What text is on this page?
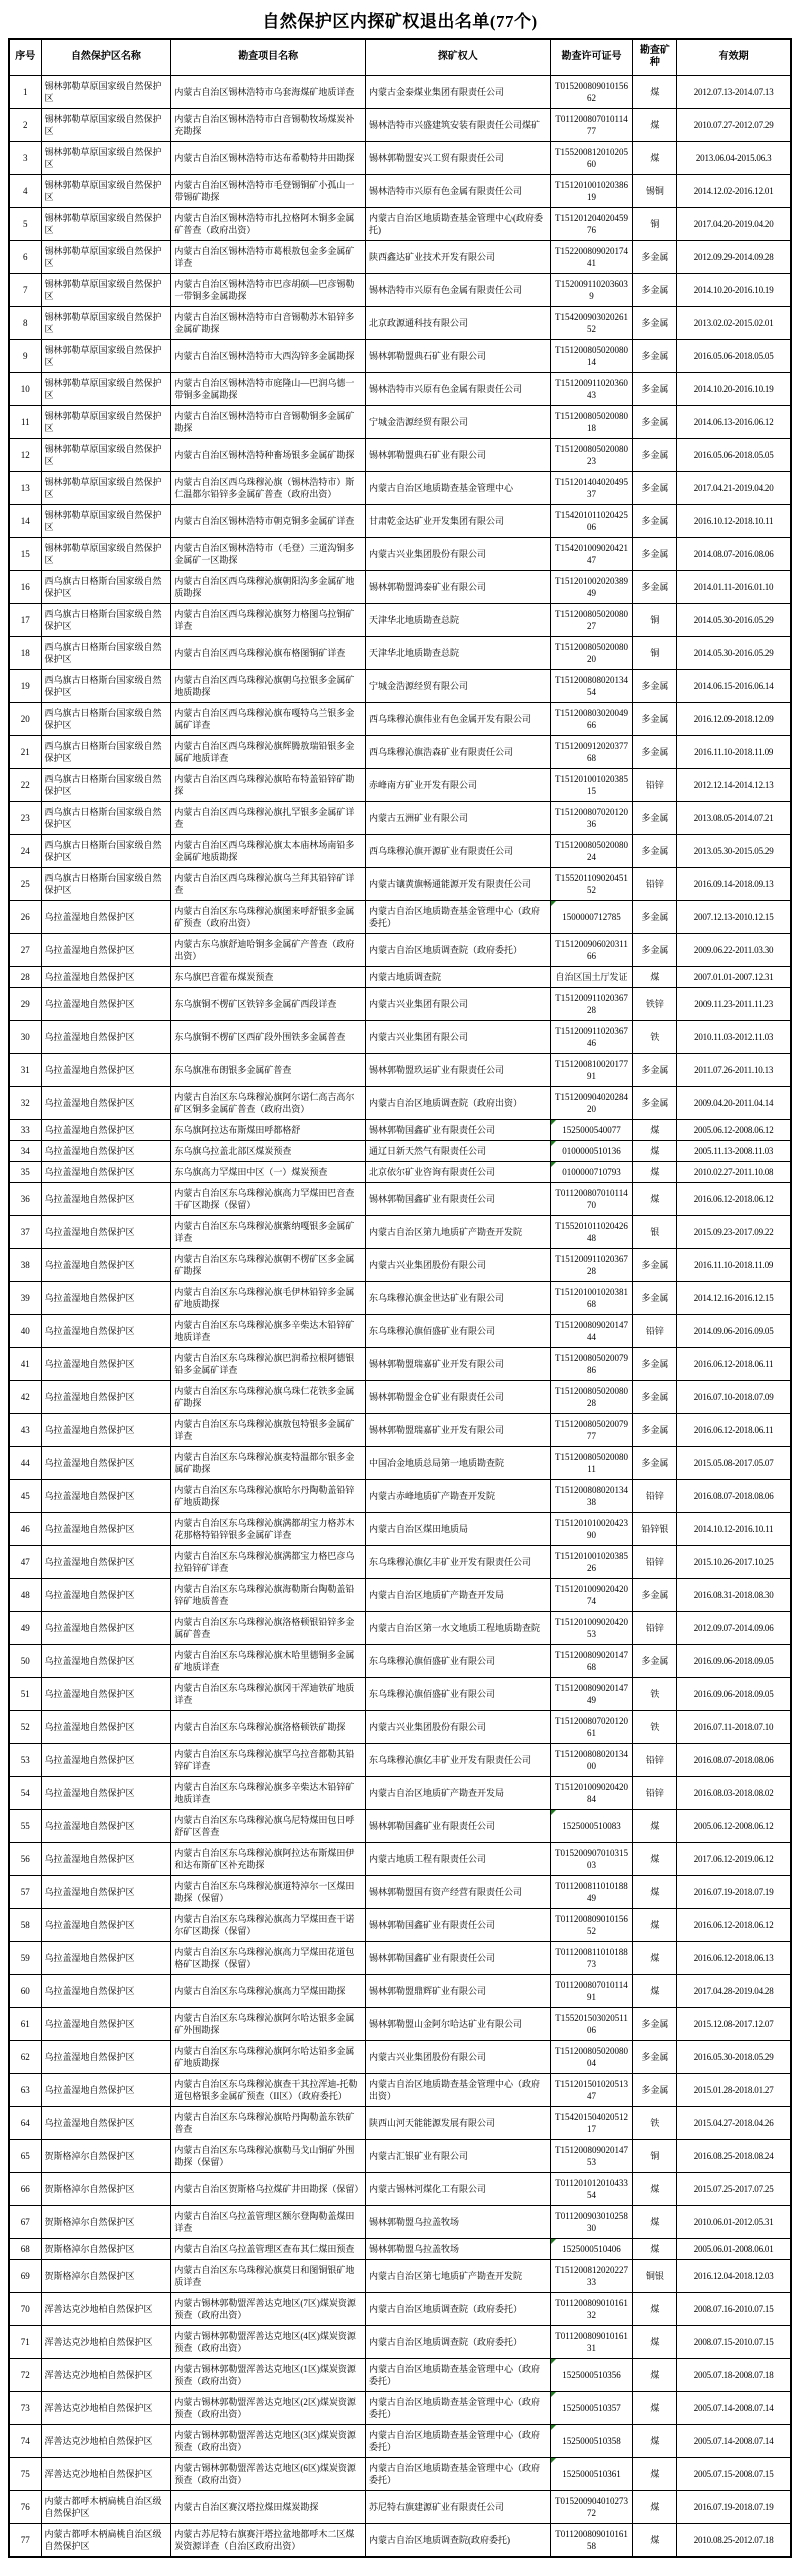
自然保护区内探矿权退出名单(77个)
序号	自然保护区名称	勘查项目名称	探矿权人	勘查许可证号	勘查矿种	有效期
1	锡林郭勒草原国家级自然保护区	内蒙古自治区锡林浩特市乌套海煤矿地质详查	内蒙古金泰煤业集团有限责任公司	T01520080901015662	煤	2012.07.13-2014.07.13
2	锡林郭勒草原国家级自然保护区	内蒙古自治区锡林浩特市白音锡勒牧场煤炭补充勘探	锡林浩特市兴盛建筑安装有限责任公司煤矿	T01120080701011477	煤	2010.07.27-2012.07.29
3	锡林郭勒草原国家级自然保护区	内蒙古自治区锡林浩特市达布希勒特井田勘探	锡林郭勒盟安兴工贸有限责任公司	T15520081201020560	煤	2013.06.04-2015.06.3
4	锡林郭勒草原国家级自然保护区	内蒙古自治区锡林浩特市毛登锡铜矿小孤山一带锡矿勘探	锡林浩特市兴原有色金属有限责任公司	T15120100102038619	锡铜	2014.12.02-2016.12.01
5	锡林郭勒草原国家级自然保护区	内蒙古自治区锡林浩特市扎拉格阿木铜多金属矿普查（政府出资）	内蒙古自治区地质勘查基金管理中心(政府委托)	T15120120402045976	铜	2017.04.20-2019.04.20
6	锡林郭勒草原国家级自然保护区	内蒙古自治区锡林浩特市葛根敖包金多金属矿详查	陕西鑫达矿业技术开发有限公司	T15220080902017441	多金属	2012.09.29-2014.09.28
7	锡林郭勒草原国家级自然保护区	内蒙古自治区锡林浩特市巴彦胡硕—巴彦锡勒一带铜多金属勘探	锡林浩特市兴原有色金属有限责任公司	T1520091102036039	多金属	2014.10.20-2016.10.19
8	锡林郭勒草原国家级自然保护区	内蒙古自治区锡林浩特市白音锡勒苏木铅锌多金属矿勘探	北京政源通科技有限公司	T15420090302026152	多金属	2013.02.02-2015.02.01
9	锡林郭勒草原国家级自然保护区	内蒙古自治区锡林浩特市大西沟锌多金属勘探	锡林郭勒盟典石矿业有限公司	T15120080502008014	多金属	2016.05.06-2018.05.05
10	锡林郭勒草原国家级自然保护区	内蒙古自治区锡林浩特市庭隆山—巴润乌德一带铜多金属勘探	锡林浩特市兴原有色金属有限责任公司	T15120091102036043	多金属	2014.10.20-2016.10.19
11	锡林郭勒草原国家级自然保护区	内蒙古自治区锡林浩特市白音锡勒铜多金属矿勘探	宁城金浩源经贸有限公司	T15120080502008018	多金属	2014.06.13-2016.06.12
12	锡林郭勒草原国家级自然保护区	内蒙古自治区锡林浩特种畜场银多金属矿勘探	锡林郭勒盟典石矿业有限公司	T15120080502008023	多金属	2016.05.06-2018.05.05
13	锡林郭勒草原国家级自然保护区	内蒙古自治区西乌珠穆沁旗（锡林浩特市）斯仁温都尔铅锌多金属矿普查（政府出资）	内蒙古自治区地质勘查基金管理中心	T15120140402049537	多金属	2017.04.21-2019.04.20
14	锡林郭勒草原国家级自然保护区	内蒙古自治区锡林浩特市朝克铜多金属矿详查	甘肃乾金达矿业开发集团有限公司	T15420101102042506	多金属	2016.10.12-2018.10.11
15	锡林郭勒草原国家级自然保护区	内蒙古自治区锡林浩特市（毛登）三道沟铜多金属矿一区勘探	内蒙古兴业集团股份有限公司	T15420100902042147	多金属	2014.08.07-2016.08.06
16	西乌旗古日格斯台国家级自然保护区	内蒙古自治区西乌珠穆沁旗朝阳沟多金属矿地质勘探	锡林郭勒盟鸿泰矿业有限公司	T15120100202038949	多金属	2014.01.11-2016.01.10
17	西乌旗古日格斯台国家级自然保护区	内蒙古自治区西乌珠穆沁旗努力格图乌拉铜矿详查	天津华北地质勘查总院	T15120080502008027	铜	2014.05.30-2016.05.29
18	西乌旗古日格斯台国家级自然保护区	内蒙古自治区西乌珠穆沁旗布格图铜矿详查	天津华北地质勘查总院	T15120080502008020	铜	2014.05.30-2016.05.29
19	西乌旗古日格斯台国家级自然保护区	内蒙古自治区西乌珠穆沁旗朝乌拉银多金属矿地质勘探	宁城金浩源经贸有限公司	T15120080802013454	多金属	2014.06.15-2016.06.14
20	西乌旗古日格斯台国家级自然保护区	内蒙古自治区西乌珠穆沁旗布嘎特乌兰银多金属矿详查	西乌珠穆沁旗伟业有色金属开发有限公司	T15120080302004966	多金属	2016.12.09-2018.12.09
21	西乌旗古日格斯台国家级自然保护区	内蒙古自治区西乌珠穆沁旗辉腾敖瑞铅银多金属矿地质详查	西乌珠穆沁旗浩森矿业有限责任公司	T15120091202037768	多金属	2016.11.10-2018.11.09
22	西乌旗古日格斯台国家级自然保护区	内蒙古自治区西乌珠穆沁旗哈布特盖铅锌矿勘探	赤峰南方矿业开发有限公司	T15120100102038515	铅锌	2012.12.14-2014.12.13
23	西乌旗古日格斯台国家级自然保护区	内蒙古自治区西乌珠穆沁旗扎罕银多金属矿详查	内蒙古五洲矿业有限公司	T15120080702012036	多金属	2013.08.05-2014.07.21
24	西乌旗古日格斯台国家级自然保护区	内蒙古自治区西乌珠穆沁旗太本庙林场南铅多金属矿地质勘探	西乌珠穆沁旗开源矿业有限责任公司	T15120080502008024	多金属	2013.05.30-2015.05.29
25	西乌旗古日格斯台国家级自然保护区	内蒙古自治区西乌珠穆沁旗乌兰拜其铅锌矿详查	内蒙古镶黄旗畅通能源开发有限责任公司	T15520110902045152	铅锌	2016.09.14-2018.09.13
26	乌拉盖湿地自然保护区	内蒙古自治区东乌珠穆沁旗图来呼舒银多金属矿预查（政府出资）	内蒙古自治区地质勘查基金管理中心（政府委托）	1500000712785	多金属	2007.12.13-2010.12.15
27	乌拉盖湿地自然保护区	内蒙古东乌旗舒迪哈铜多金属矿产普查（政府出资）	内蒙古自治区地质调查院（政府委托）	T15120090602031166	多金属	2009.06.22-2011.03.30
28	乌拉盖湿地自然保护区	东乌旗巴音霍布煤炭预查	内蒙古地质调查院	自治区国土厅发证	煤	2007.01.01-2007.12.31
29	乌拉盖湿地自然保护区	东乌旗铜不楞矿区铁锌多金属矿西段详查	内蒙古兴业集团有限公司	T15120091102036728	铁锌	2009.11.23-2011.11.23
30	乌拉盖湿地自然保护区	东乌旗铜不楞矿区西矿段外围铁多金属普查	内蒙古兴业集团有限公司	T15120091102036746	铁	2010.11.03-2012.11.03
31	乌拉盖湿地自然保护区	东乌旗准布朗银多金属矿普查	锡林郭勒盟玖运矿业有限责任公司	T15120081002017791	多金属	2011.07.26-2011.10.13
32	乌拉盖湿地自然保护区	内蒙古自治区东乌珠穆沁旗阿尔诺仁高吉高尔矿区铜多金属矿普查（政府出资）	内蒙古自治区地质调查院（政府出资）	T15120090402028420	多金属	2009.04.20-2011.04.14
33	乌拉盖湿地自然保护区	东乌旗阿拉达布斯煤田呼都格舒	锡林郭勒国鑫矿业有限责任公司	1525000540077	煤	2005.06.12-2008.06.12
34	乌拉盖湿地自然保护区	东乌旗乌拉盖北部区煤炭预查	通辽日新天然气有限责任公司	0100000510136	煤	2005.11.13-2008.11.03
35	乌拉盖湿地自然保护区	东乌旗高力罕煤田中区（一）煤炭预查	北京依尔矿业咨询有限责任公司	0100000710793	煤	2010.02.27-2011.10.08
36	乌拉盖湿地自然保护区	内蒙古自治区东乌珠穆沁旗高力罕煤田巴音查干矿区勘探（保留）	锡林郭勒国鑫矿业有限责任公司	T01120080701011470	煤	2016.06.12-2018.06.12
37	乌拉盖湿地自然保护区	内蒙古自治区东乌珠穆沁旗紫纳嘎银多金属矿详查	内蒙古自治区第九地质矿产勘查开发院	T15520101102042648	银	2015.09.23-2017.09.22
38	乌拉盖湿地自然保护区	内蒙古自治区东乌珠穆沁旗朝不楞矿区多金属矿勘探	内蒙古兴业集团股份有限公司	T15120091102036728	多金属	2016.11.10-2018.11.09
39	乌拉盖湿地自然保护区	内蒙古自治区东乌珠穆沁旗毛伊林铅锌多金属矿地质勘探	东乌珠穆沁旗金世达矿业有限公司	T15120100102038168	多金属	2014.12.16-2016.12.15
40	乌拉盖湿地自然保护区	内蒙古自治区东乌珠穆沁旗多辛柴达木铅锌矿地质详查	东乌珠穆沁旗佰盛矿业有限公司	T15120080902014744	铅锌	2014.09.06-2016.09.05
41	乌拉盖湿地自然保护区	内蒙古自治区东乌珠穆沁旗巴润希拉根阿德银铅多金属矿详查	锡林郭勒盟瑞嘉矿业开发有限公司	T15120080502007986	多金属	2016.06.12-2018.06.11
42	乌拉盖湿地自然保护区	内蒙古自治区东乌珠穆沁旗乌珠仁花铁多金属矿勘探	锡林郭勒盟金仓矿业有限责任公司	T15120080502008028	多金属	2016.07.10-2018.07.09
43	乌拉盖湿地自然保护区	内蒙古自治区东乌珠穆沁旗敖包特银多金属矿详查	锡林郭勒盟瑞嘉矿业开发有限公司	T15120080502007977	多金属	2016.06.12-2018.06.11
44	乌拉盖湿地自然保护区	内蒙古自治区东乌珠穆沁旗麦特温都尔银多金属矿勘探	中国冶金地质总局第一地质勘查院	T15120080502008011	多金属	2015.05.08-2017.05.07
45	乌拉盖湿地自然保护区	内蒙古自治区东乌珠穆沁旗哈尔丹陶勒盖铅锌矿地质勘探	内蒙古赤峰地质矿产勘查开发院	T15120080802013438	铅锌	2016.08.07-2018.08.06
46	乌拉盖湿地自然保护区	内蒙古自治区东乌珠穆沁旗满都胡宝力格苏木花那格特铅锌银多金属矿详查	内蒙古自治区煤田地质局	T15120101002042390	铅锌银	2014.10.12-2016.10.11
47	乌拉盖湿地自然保护区	内蒙古自治区东乌珠穆沁旗满都宝力格巴彦乌拉铅锌矿详查	东乌珠穆沁旗亿丰矿业开发有限责任公司	T15120100102038526	铅锌	2015.10.26-2017.10.25
48	乌拉盖湿地自然保护区	内蒙古自治区东乌珠穆沁旗海勒斯台陶勒盖铅锌矿地质普查	内蒙古自治区地质矿产勘查开发局	T15120100902042074	多金属	2016.08.31-2018.08.30
49	乌拉盖湿地自然保护区	内蒙古自治区东乌珠穆沁旗洛格顿银铅锌多金属矿普查	内蒙古自治区第一水文地质工程地质勘查院	T15120100902042053	铅锌	2012.09.07-2014.09.06
50	乌拉盖湿地自然保护区	内蒙古自治区东乌珠穆沁旗木哈里德铜多金属矿地质详查	东乌珠穆沁旗佰盛矿业有限公司	T15120080902014768	多金属	2016.09.06-2018.09.05
51	乌拉盖湿地自然保护区	内蒙古自治区东乌珠穆沁旗冈干浑迪铁矿地质详查	东乌珠穆沁旗佰盛矿业有限公司	T15120080902014749	铁	2016.09.06-2018.09.05
52	乌拉盖湿地自然保护区	内蒙古自治区东乌珠穆沁旗洛格顿铁矿勘探	内蒙古兴业集团股份有限公司	T15120080702012061	铁	2016.07.11-2018.07.10
53	乌拉盖湿地自然保护区	内蒙古自治区东乌珠穆沁旗罕乌拉音都勒其铅锌矿详查	东乌珠穆沁旗亿丰矿业开发有限责任公司	T15120080802013400	铅锌	2016.08.07-2018.08.06
54	乌拉盖湿地自然保护区	内蒙古自治区东乌珠穆沁旗多辛柴达木铅锌矿地质详查	内蒙古自治区地质矿产勘查开发局	T15120100902042084	铅锌	2016.08.03-2018.08.02
55	乌拉盖湿地自然保护区	内蒙古自治区东乌珠穆沁旗乌尼特煤田包日呼舒矿区普查	锡林郭勒国鑫矿业有限责任公司	1525000510083	煤	2005.06.12-2008.06.12
56	乌拉盖湿地自然保护区	内蒙古自治区东乌珠穆沁旗阿拉达布斯煤田伊和达布斯矿区补充勘探	内蒙古地质工程有限责任公司	T01520090701031503	煤	2017.06.12-2019.06.12
57	乌拉盖湿地自然保护区	内蒙古自治区东乌珠穆沁旗道特淖尔一区煤田勘探（保留）	锡林郭勒盟国有资产经营有限责任公司	T01120081101018849	煤	2016.07.19-2018.07.19
58	乌拉盖湿地自然保护区	内蒙古自治区东乌珠穆沁旗高力罕煤田查干诺尔矿区勘探（保留）	锡林郭勒国鑫矿业有限责任公司	T01120080901015652	煤	2016.06.12-2018.06.12
59	乌拉盖湿地自然保护区	内蒙古自治区东乌珠穆沁旗高力罕煤田花道包格矿区勘探（保留）	锡林郭勒国鑫矿业有限责任公司	T01120081101018873	煤	2016.06.12-2018.06.13
60	乌拉盖湿地自然保护区	内蒙古自治区东乌珠穆沁旗高力罕煤田勘探	锡林郭勒盟鼎辉矿业有限公司	T01120080701011491	煤	2017.04.28-2019.04.28
61	乌拉盖湿地自然保护区	内蒙古自治区东乌珠穆沁旗阿尔哈达银多金属矿外围勘探	锡林郭勒盟山金阿尔哈达矿业有限公司	T15520150302051106	多金属	2015.12.08-2017.12.07
62	乌拉盖湿地自然保护区	内蒙古自治区东乌珠穆沁旗阿尔哈达铅多金属矿地质勘探	内蒙古兴业集团股份有限公司	T15120080502008004	多金属	2016.05.30-2018.05.29
63	乌拉盖湿地自然保护区	内蒙古自治区东乌珠穆沁旗查干其拉浑迪-托勒道包格银多金属矿预查（II区）（政府委托）	内蒙古自治区地质勘查基金管理中心（政府出资）	T15120150102051347	多金属	2015.01.28-2018.01.27
64	乌拉盖湿地自然保护区	内蒙古自治区东乌珠穆沁旗哈丹陶勒盖东铁矿普查	陕西山河天能能源发展有限公司	T15420150402051217	铁	2015.04.27-2018.04.26
65	贺斯格淖尔自然保护区	内蒙古自治区东乌珠穆沁旗勒马戈山铜矿外围勘探（保留）	内蒙古汇银矿业有限公司	T15120080902014753	铜	2016.08.25-2018.08.24
66	贺斯格淖尔自然保护区	内蒙古自治区贺斯格乌拉煤矿井田勘探（保留）	内蒙古锡林河煤化工有限公司	T01120101201043354	煤	2015.07.25-2017.07.25
67	贺斯格淖尔自然保护区	内蒙古自治区乌拉盖管理区额尔登陶勒盖煤田详查	锡林郭勒盟乌拉盖牧场	T01120090301025830	煤	2010.06.01-2012.05.31
68	贺斯格淖尔自然保护区	内蒙古自治区乌拉盖管理区查布其仁煤田预查	锡林郭勒盟乌拉盖牧场	1525000510406	煤	2005.06.01-2008.06.01
69	贺斯格淖尔自然保护区	内蒙古自治区东乌珠穆沁旗莫日和图铜银矿地质详查	内蒙古自治区第七地质矿产勘查开发院	T15120081202022733	铜银	2016.12.04-2018.12.03
70	浑善达克沙地柏自然保护区	内蒙古锡林郭勒盟浑善达克地区(7区)煤炭资源预查（政府出资）	内蒙古自治区地质调查院（政府委托）	T01120080901016132	煤	2008.07.16-2010.07.15
71	浑善达克沙地柏自然保护区	内蒙古锡林郭勒盟浑善达克地区(4区)煤炭资源预查（政府出资）	内蒙古自治区地质调查院（政府委托）	T01120080901016131	煤	2008.07.15-2010.07.15
72	浑善达克沙地柏自然保护区	内蒙古锡林郭勒盟浑善达克地区(1区)煤炭资源预查（政府出资）	内蒙古自治区地质勘查基金管理中心（政府委托）	1525000510356	煤	2005.07.18-2008.07.18
73	浑善达克沙地柏自然保护区	内蒙古锡林郭勒盟浑善达克地区(2区)煤炭资源预查（政府出资）	内蒙古自治区地质勘查基金管理中心（政府委托）	1525000510357	煤	2005.07.14-2008.07.14
74	浑善达克沙地柏自然保护区	内蒙古锡林郭勒盟浑善达克地区(3区)煤炭资源预查（政府出资）	内蒙古自治区地质勘查基金管理中心（政府委托）	1525000510358	煤	2005.07.14-2008.07.14
75	浑善达克沙地柏自然保护区	内蒙古锡林郭勒盟浑善达克地区(6区)煤炭资源预查（政府出资）	内蒙古自治区地质勘查基金管理中心（政府委托）	1525000510361	煤	2005.07.15-2008.07.15
76	内蒙古都呼木柄扁桃自治区级自然保护区	内蒙古自治区赛汉塔拉煤田煤炭勘探	苏尼特右旗建源矿业有限责任公司	T01520090401027372	煤	2016.07.19-2018.07.19
77	内蒙古都呼木柄扁桃自治区级自然保护区	内蒙古苏尼特右旗赛汗塔拉盆地都呼木二区煤炭资源详查（自治区政府出资）	内蒙古自治区地质调查院(政府委托)	T01120080901016158	煤	2010.08.25-2012.07.18
